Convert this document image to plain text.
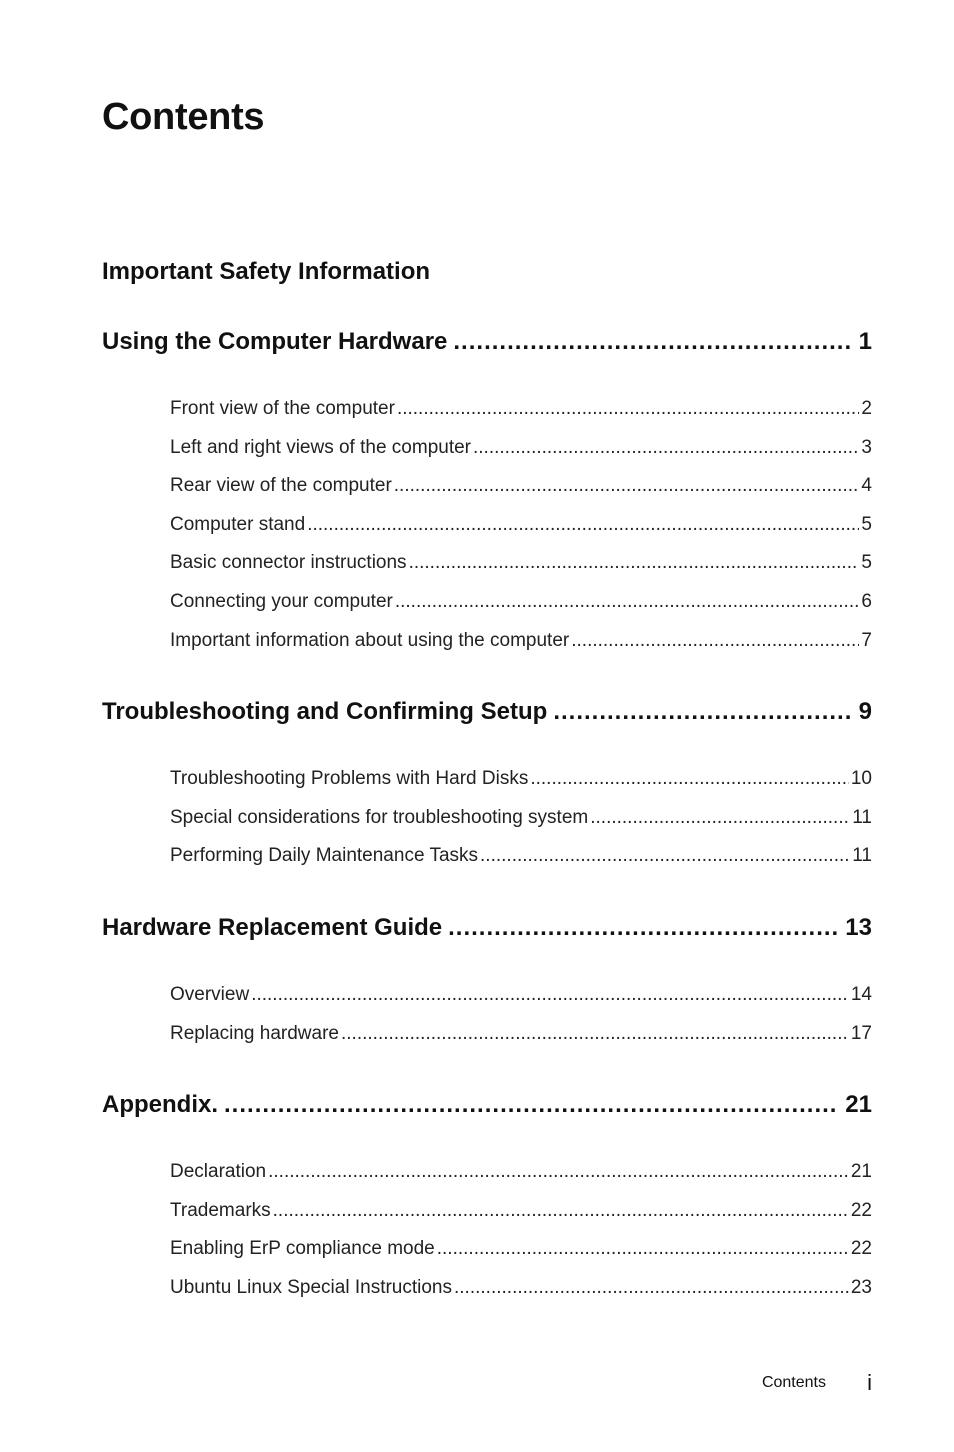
Contents
Important Safety Information
Using the Computer Hardware .....	1
Front view of the computer .....	2
Left and right views of the computer .....	3
Rear view of the computer .....	4
Computer stand .....	5
Basic connector instructions .....	5
Connecting your computer .....	6
Important information about using the computer .....	7
Troubleshooting and Confirming Setup .....	9
Troubleshooting Problems with Hard Disks .....	10
Special considerations for troubleshooting system .....	11
Performing Daily Maintenance Tasks .....	11
Hardware Replacement Guide .....	13
Overview .....	14
Replacing hardware .....	17
Appendix. .....	21
Declaration .....	21
Trademarks .....	22
Enabling ErP compliance mode .....	22
Ubuntu Linux Special Instructions .....	23
Contents i
